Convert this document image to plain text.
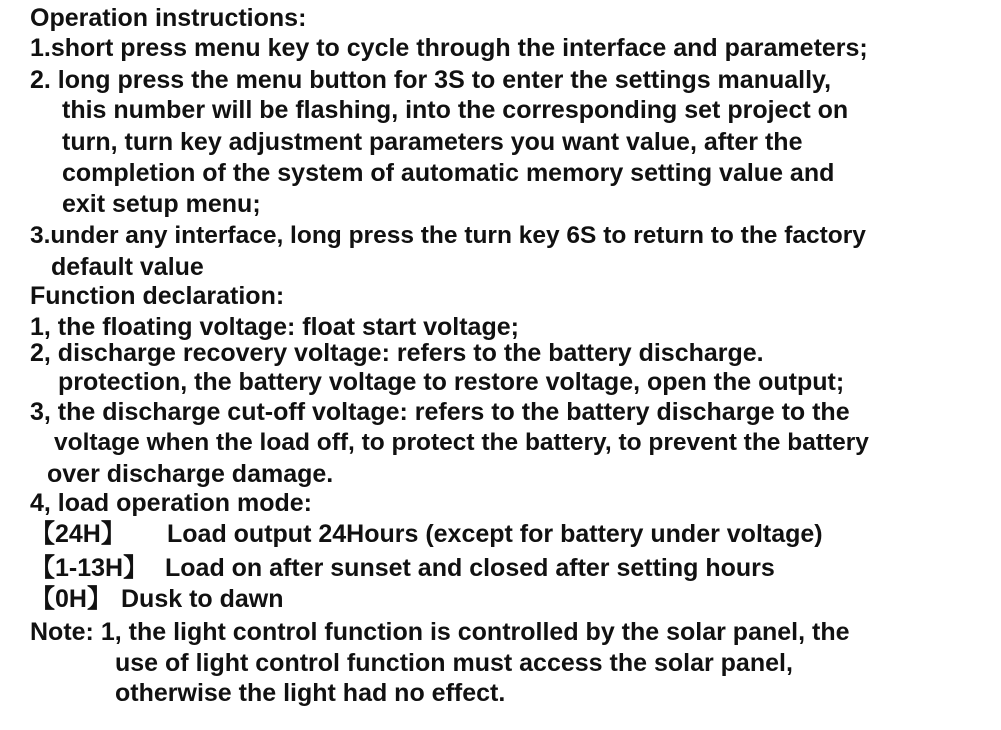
Operation instructions:
1.short press menu key to cycle through the interface and parameters;
2. long press the menu button for 3S to enter the settings manually,
this number will be flashing, into the corresponding set project on
turn, turn key adjustment parameters you want value, after the
completion of the system of automatic memory setting value and
exit setup menu;
3.under any interface, long press the turn key 6S to return to the factory
default value
Function declaration:
1, the floating voltage: float start voltage;
2, discharge recovery voltage: refers to the battery discharge.
protection, the battery voltage to restore voltage, open the output;
3, the discharge cut-off voltage: refers to the battery discharge to the
voltage when the load off, to protect the battery, to prevent the battery
over discharge damage.
4, load operation mode:
【24H】 Load output 24Hours (except for battery under voltage)
【1-13H】 Load on after sunset and closed after setting hours
【0H】 Dusk to dawn
Note: 1, the light control function is controlled by the solar panel, the
use of light control function must access the solar panel,
otherwise the light had no effect.
